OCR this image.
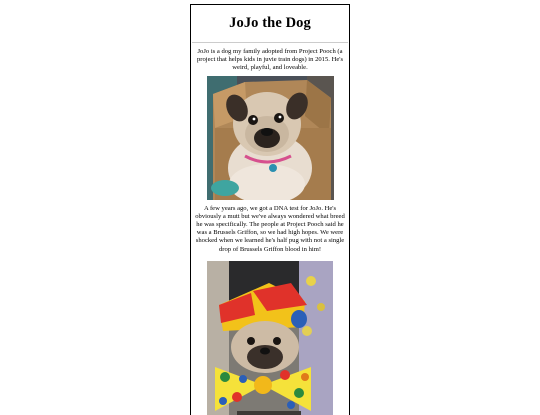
JoJo the Dog

JoJo is a dog my family adopted from Project Pooch (a project that helps kids in juvie train dogs) in 2015. He's weird, playful, and loveable.

A few years ago, we got a DNA test for JoJo. He's obviously a mutt but we've always wondered what breed he was specifically. The people at Project Pooch said he was a Brussels Griffon, so we had high hopes. We were shocked when we learned he's half pug with not a single drop of Brussels Griffon blood in him!
